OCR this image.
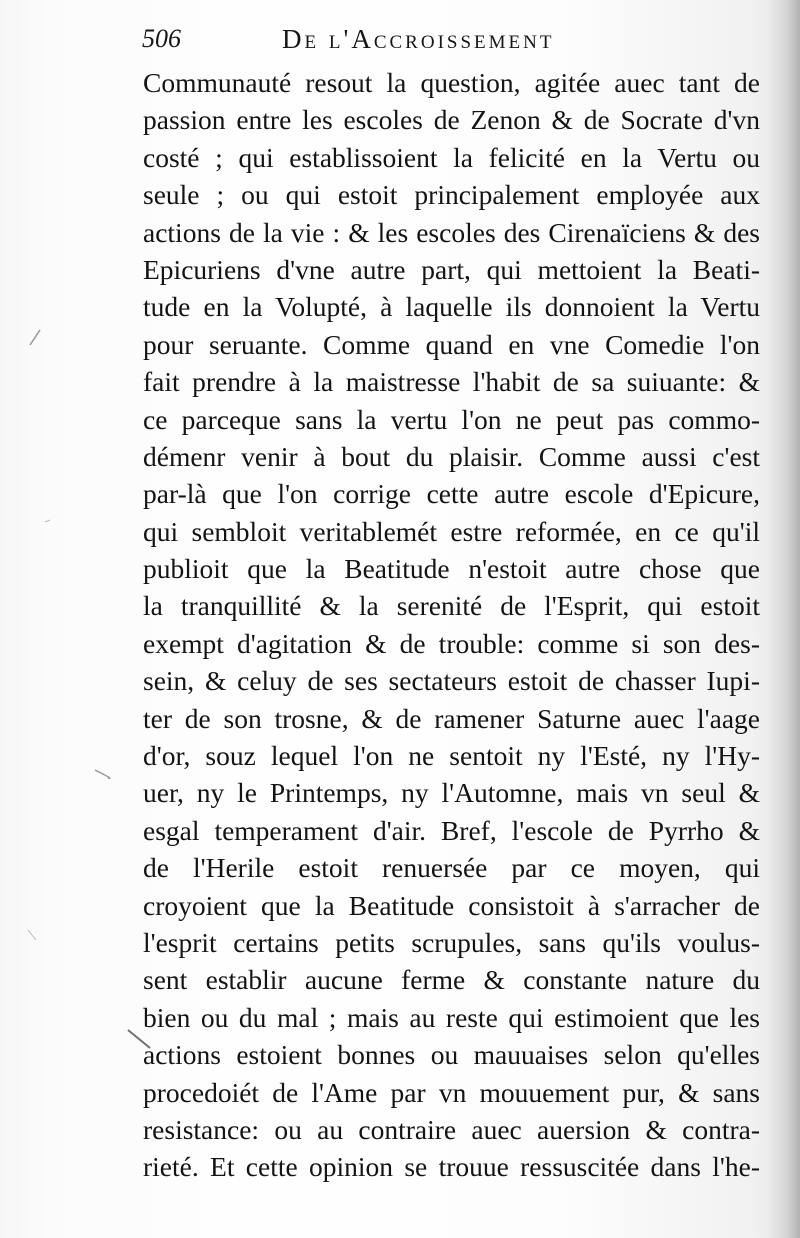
506	De l'Accroissement
Communauté resout la question, agitée auec tant de
passion entre les escoles de Zenon & de Socrate d'vn
costé ; qui establissoient la felicité en la Vertu ou
seule ; ou qui estoit principalement employée aux
actions de la vie : & les escoles des Cirenaïciens & des
Epicuriens d'vne autre part, qui mettoient la Beati-
tude en la Volupté, à laquelle ils donnoient la Vertu
pour seruante. Comme quand en vne Comedie l'on
fait prendre à la maistresse l'habit de sa suiuante: &
ce parceque sans la vertu l'on ne peut pas commo-
démenr venir à bout du plaisir. Comme aussi c'est
par-là que l'on corrige cette autre escole d'Epicure,
qui sembloit veritablemét estre reformée, en ce qu'il
publioit que la Beatitude n'estoit autre chose que
la tranquillité & la serenité de l'Esprit, qui estoit
exempt d'agitation & de trouble: comme si son des-
sein, & celuy de ses sectateurs estoit de chasser Iupi-
ter de son trosne, & de ramener Saturne auec l'aage
d'or, souz lequel l'on ne sentoit ny l'Esté, ny l'Hy-
uer, ny le Printemps, ny l'Automne, mais vn seul &
esgal temperament d'air. Bref, l'escole de Pyrrho &
de l'Herile estoit renuersée par ce moyen, qui
croyoient que la Beatitude consistoit à s'arracher de
l'esprit certains petits scrupules, sans qu'ils voulus-
sent establir aucune ferme & constante nature du
bien ou du mal ; mais au reste qui estimoient que les
actions estoient bonnes ou mauuaises selon qu'elles
procedoiét de l'Ame par vn mouuement pur, & sans
resistance: ou au contraire auec auersion & contra-
rieté. Et cette opinion se trouue ressuscitée dans l'he-
